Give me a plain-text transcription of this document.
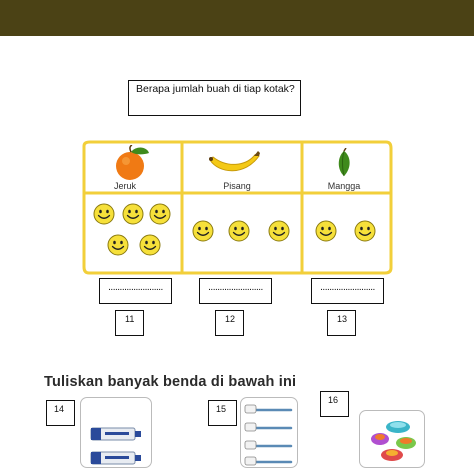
Berapa jumlah buah di tiap kotak?
Jeruk	Pisang	Mangga
........................	........................	........................
11	12	13
Tuliskan banyak benda di bawah ini
14	15
16
